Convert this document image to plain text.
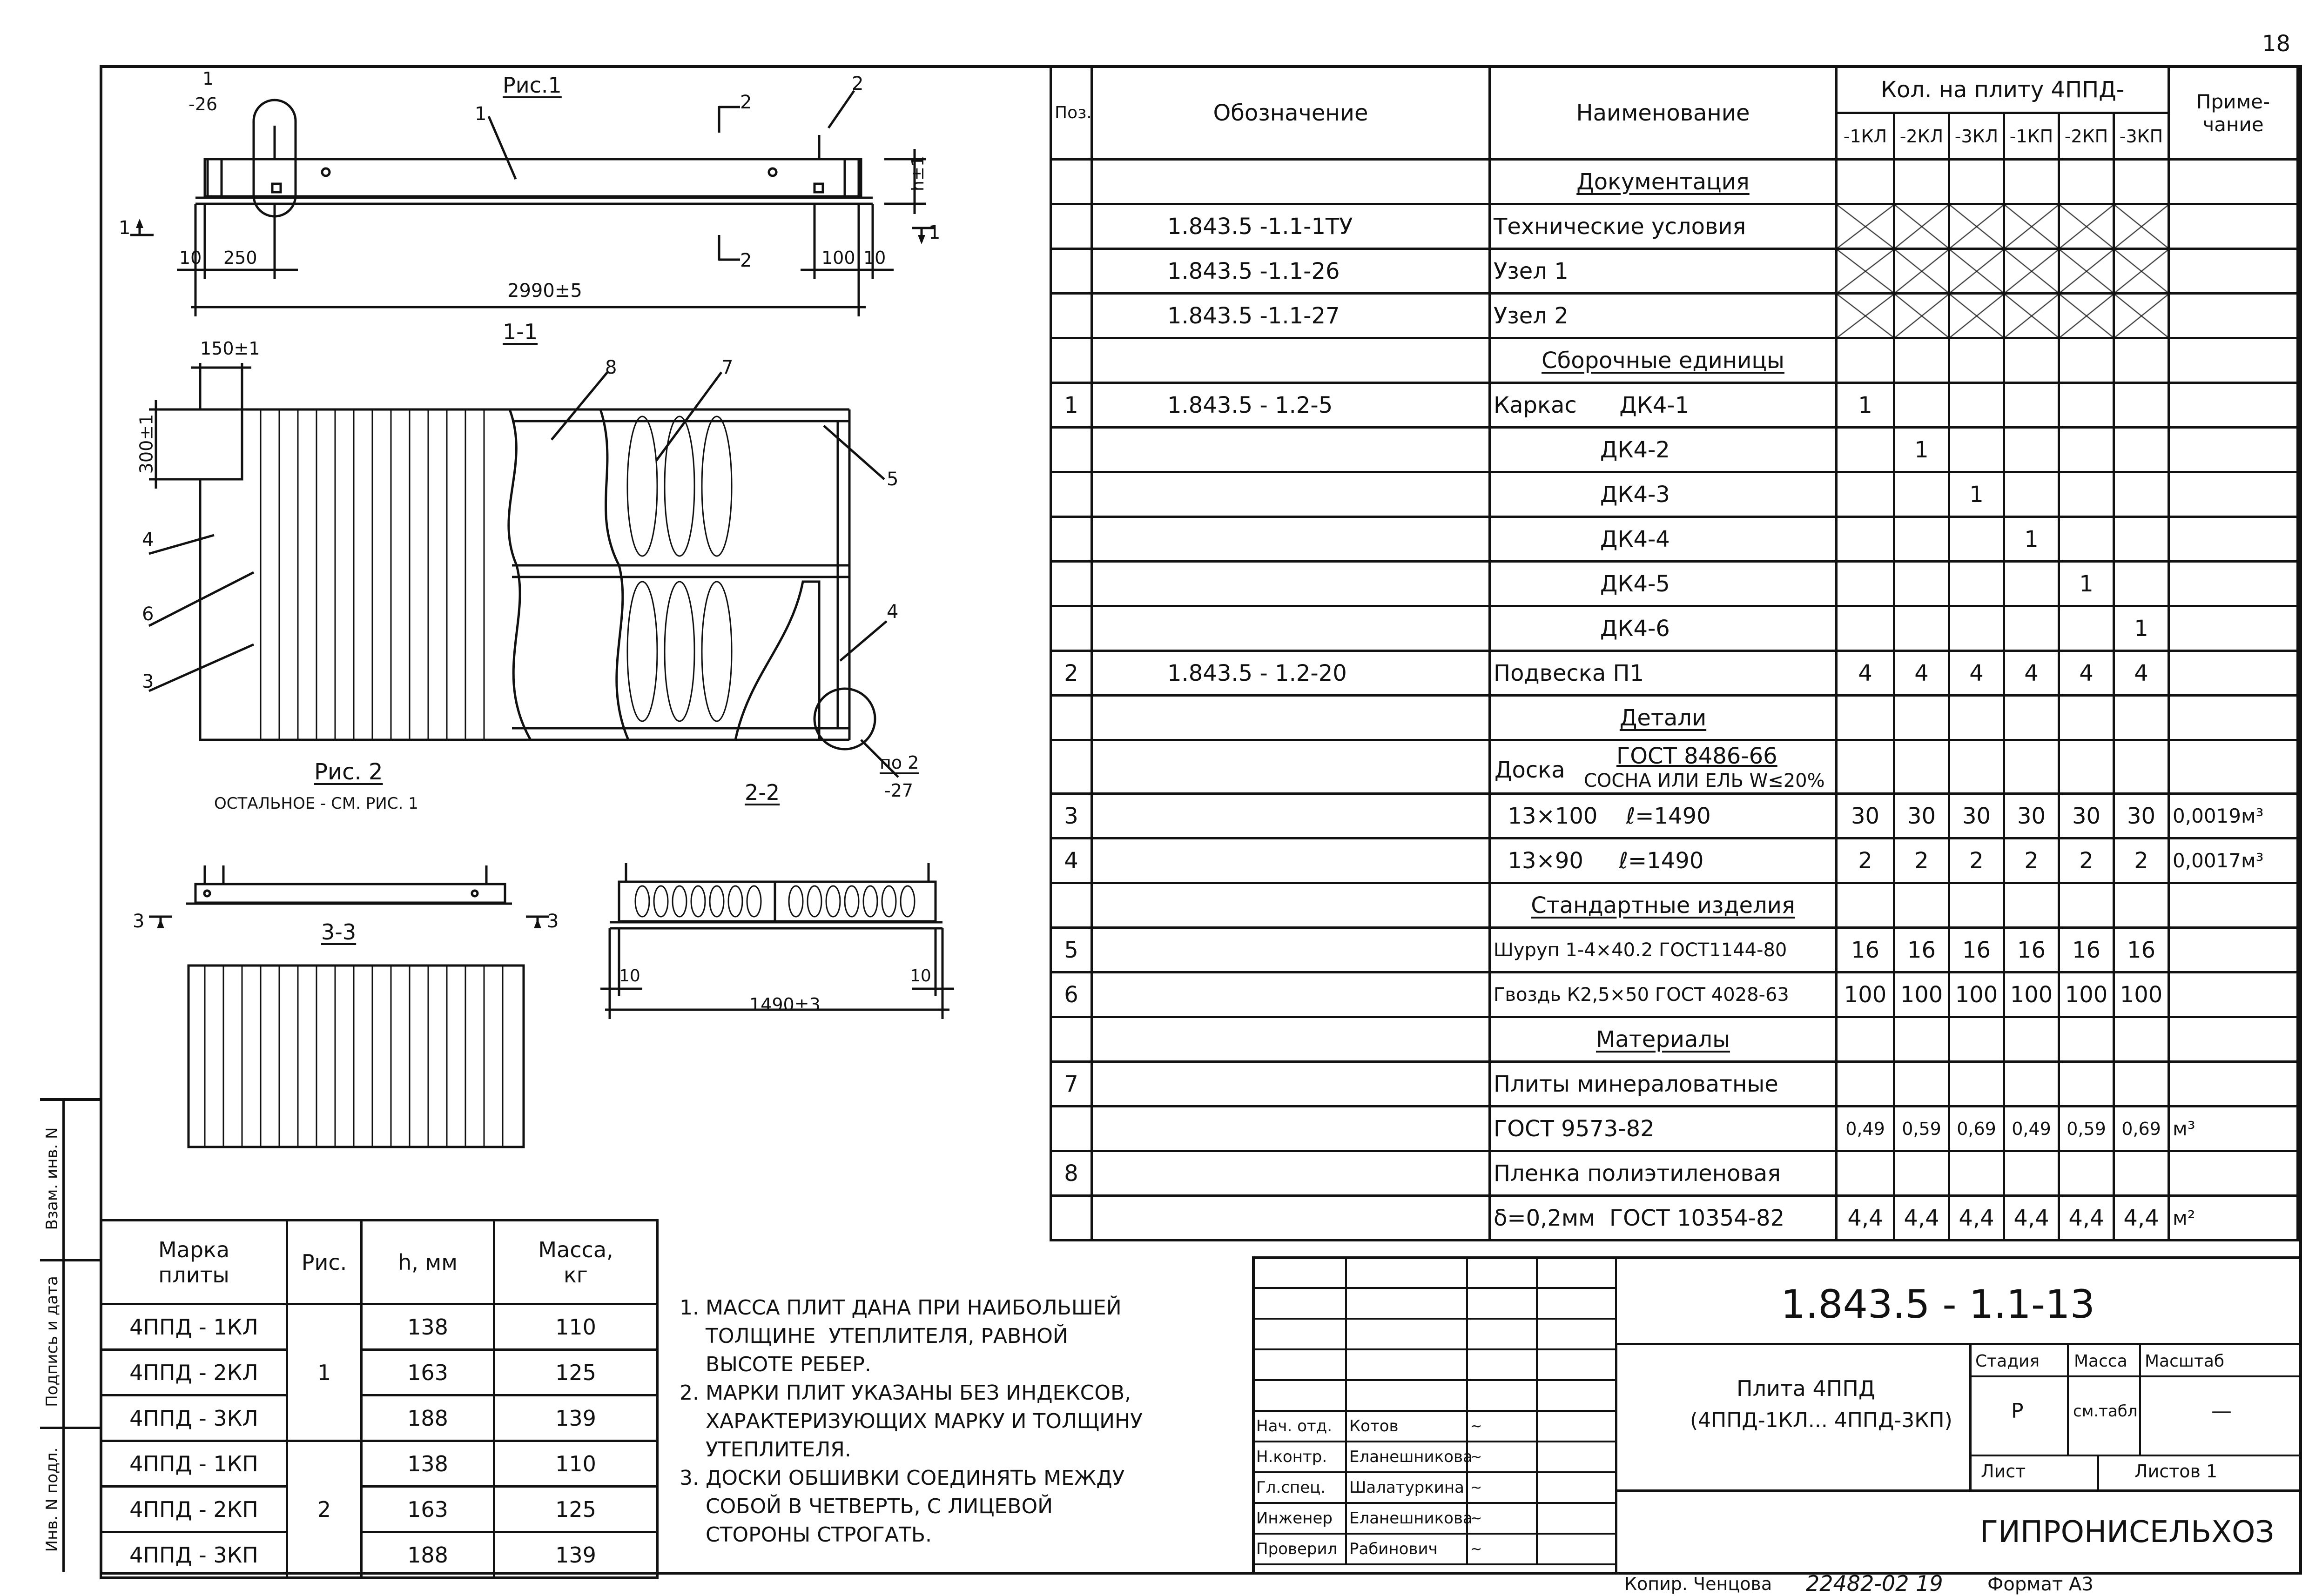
18
Взам. инв. N
Подпись и дата
Инв. N подл.
Рис.1
1
2
1
-26	2
2
1	1
10 250	100 10
2990±5
h±1
1-1
150±1
300±1
8	7
5
4
6
3
4
по 2
-27
Рис. 2
ОСТАЛЬНОЕ - СМ. РИС. 1	2-2
10	10
1490±3
3-3
3	3
Поз.	Обозначение	Наименование	Кол. на плиту 4ППД-						Приме-чание
			-1КЛ	-2КЛ	-3КЛ	-1КП	-2КП	-3КП	
		Документация							
	1.843.5 -1.1-1ТУ	Технические условия							
	1.843.5 -1.1-26	Узел 1							
	1.843.5 -1.1-27	Узел 2							
		Сборочные единицы							
1	1.843.5 - 1.2-5	Каркас      ДК4-1	1						
		ДК4-2		1					
		ДК4-3			1				
		ДК4-4				1			
		ДК4-5					1		
		ДК4-6						1	
2	1.843.5 - 1.2-20	Подвеска П1	4	4	4	4	4	4	
		Детали							

		Доска
ГОСТ 8486-66
СОСНА ИЛИ ЕЛЬ W≤20%							

3		13×100    ℓ=1490	30	30	30	30	30	30	0,0019м³
4		13×90     ℓ=1490	2	2	2	2	2	2	0,0017м³
		Стандартные изделия							
5		Шуруп 1-4×40.2 ГОСТ1144-80	16	16	16	16	16	16	
6		Гвоздь К2,5×50 ГОСТ 4028-63	100	100	100	100	100	100	
		Материалы							
7		Плиты минераловатные							
		ГОСТ 9573-82	0,49	0,59	0,69	0,49	0,59	0,69	м³
8		Пленка полиэтиленовая							
		δ=0,2мм  ГОСТ 10354-82	4,4	4,4	4,4	4,4	4,4	4,4	м²
Марка плиты	Рис.	h, мм	Масса, кг
4ППД - 1КЛ	1	138	110
4ППД - 2КЛ		163	125
4ППД - 3КЛ		188	139
4ППД - 1КП	2	138	110
4ППД - 2КП		163	125
4ППД - 3КП		188	139
1. МАССА ПЛИТ ДАНА ПРИ НАИБОЛЬШЕЙ
ТОЛЩИНЕ  УТЕПЛИТЕЛЯ, РАВНОЙ
ВЫСОТЕ РЕБЕР.
2. МАРКИ ПЛИТ УКАЗАНЫ БЕЗ ИНДЕКСОВ,
ХАРАКТЕРИЗУЮЩИХ МАРКУ И ТОЛЩИНУ
УТЕПЛИТЕЛЯ.
3. ДОСКИ ОБШИВКИ СОЕДИНЯТЬ МЕЖДУ
СОБОЙ В ЧЕТВЕРТЬ, С ЛИЦЕВОЙ
СТОРОНЫ СТРОГАТЬ.

Нач. отд.	Котов	~	
Н.контр.	Еланешникова	~	
Гл.спец.	Шалатуркина	~	
Инженер	Еланешникова	~	
Проверил	Рабинович	~	
1.843.5 - 1.1-13
Плита 4ППД
(4ППД-1КЛ... 4ППД-3КП)
Стадия Масса Масштаб
Р	см.табл.	—
Лист	Листов 1
ГИПРОНИСЕЛЬХОЗ
Копир. Ченцова 22482-02 19 Формат А3
